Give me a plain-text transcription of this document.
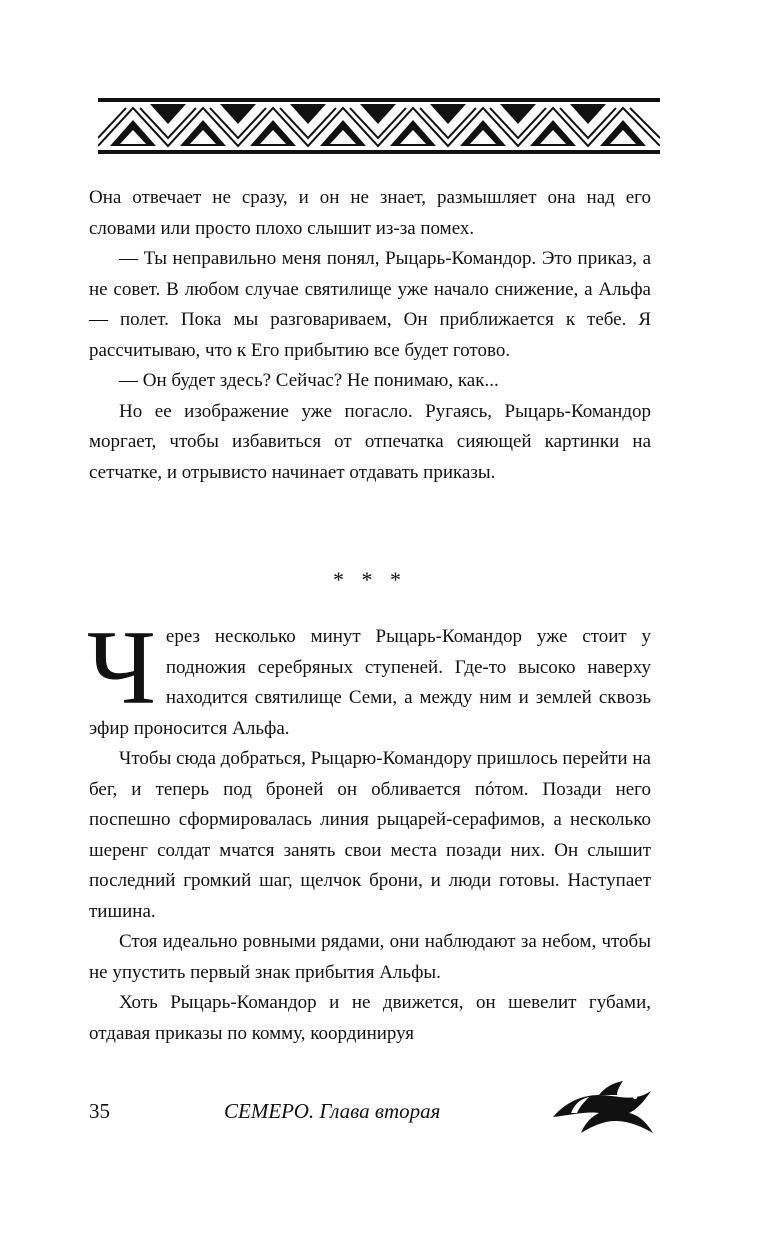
Она отвечает не сразу, и он не знает, размышляет она над его словами или просто плохо слышит из-за помех.

— Ты неправильно меня понял, Рыцарь-Командор. Это приказ, а не совет. В любом случае святилище уже начало снижение, а Альфа — полет. Пока мы разговариваем, Он приближается к тебе. Я рассчитываю, что к Его прибытию все будет готово.

— Он будет здесь? Сейчас? Не понимаю, как...

Но ее изображение уже погасло. Ругаясь, Рыцарь-Командор моргает, чтобы избавиться от отпечатка сияющей картинки на сетчатке, и отрывисто начинает отдавать приказы.

* * *

Через несколько минут Рыцарь-Командор уже стоит у подножия серебряных ступеней. Где-то высоко наверху находится святилище Семи, а между ним и землей сквозь эфир проносится Альфа.

Чтобы сюда добраться, Рыцарю-Командору пришлось перейти на бег, и теперь под броней он обливается пóтом. Позади него поспешно сформировалась линия рыцарей-серафимов, а несколько шеренг солдат мчатся занять свои места позади них. Он слышит последний громкий шаг, щелчок брони, и люди готовы. Наступает тишина.

Стоя идеально ровными рядами, они наблюдают за небом, чтобы не упустить первый знак прибытия Альфы.

Хоть Рыцарь-Командор и не движется, он шевелит губами, отдавая приказы по комму, координируя

35	СЕМЕРО. Глава вторая
